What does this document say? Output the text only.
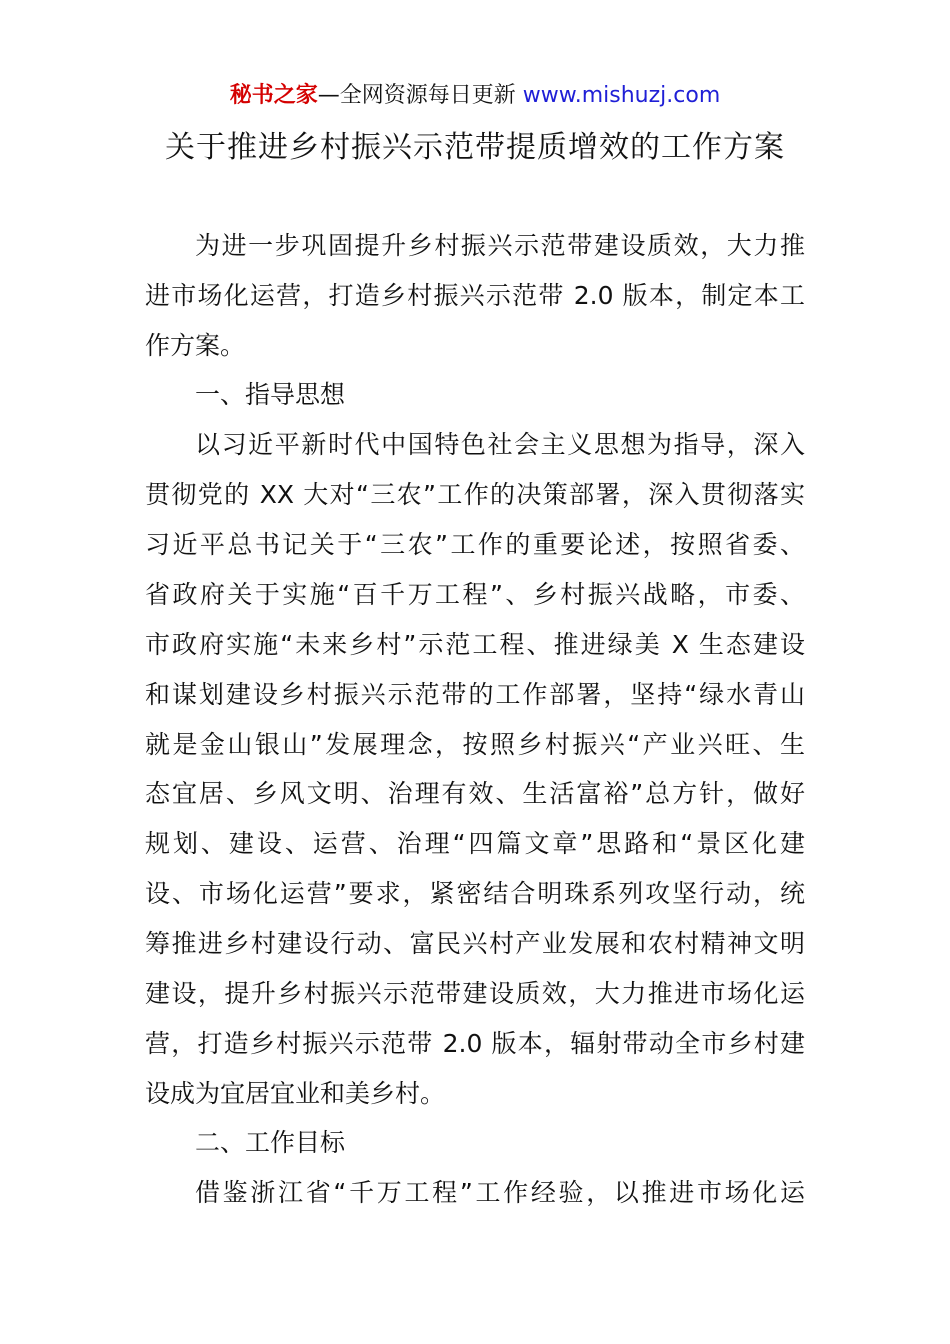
秘书之家—全网资源每日更新 www.mishuzj.com
关于推进乡村振兴示范带提质增效的工作方案
为进一步巩固提升乡村振兴示范带建设质效，大力推
进市场化运营，打造乡村振兴示范带 2.0 版本，制定本工
作方案。
一、指导思想
以习近平新时代中国特色社会主义思想为指导，深入
贯彻党的 XX 大对“三农”工作的决策部署，深入贯彻落实
习近平总书记关于“三农”工作的重要论述，按照省委、
省政府关于实施“百千万工程”、乡村振兴战略，市委、
市政府实施“未来乡村”示范工程、推进绿美 X 生态建设
和谋划建设乡村振兴示范带的工作部署，坚持“绿水青山
就是金山银山”发展理念，按照乡村振兴“产业兴旺、生
态宜居、乡风文明、治理有效、生活富裕”总方针，做好
规划、建设、运营、治理“四篇文章”思路和“景区化建
设、市场化运营”要求，紧密结合明珠系列攻坚行动，统
筹推进乡村建设行动、富民兴村产业发展和农村精神文明
建设，提升乡村振兴示范带建设质效，大力推进市场化运
营，打造乡村振兴示范带 2.0 版本，辐射带动全市乡村建
设成为宜居宜业和美乡村。
二、工作目标
借鉴浙江省“千万工程”工作经验，以推进市场化运
